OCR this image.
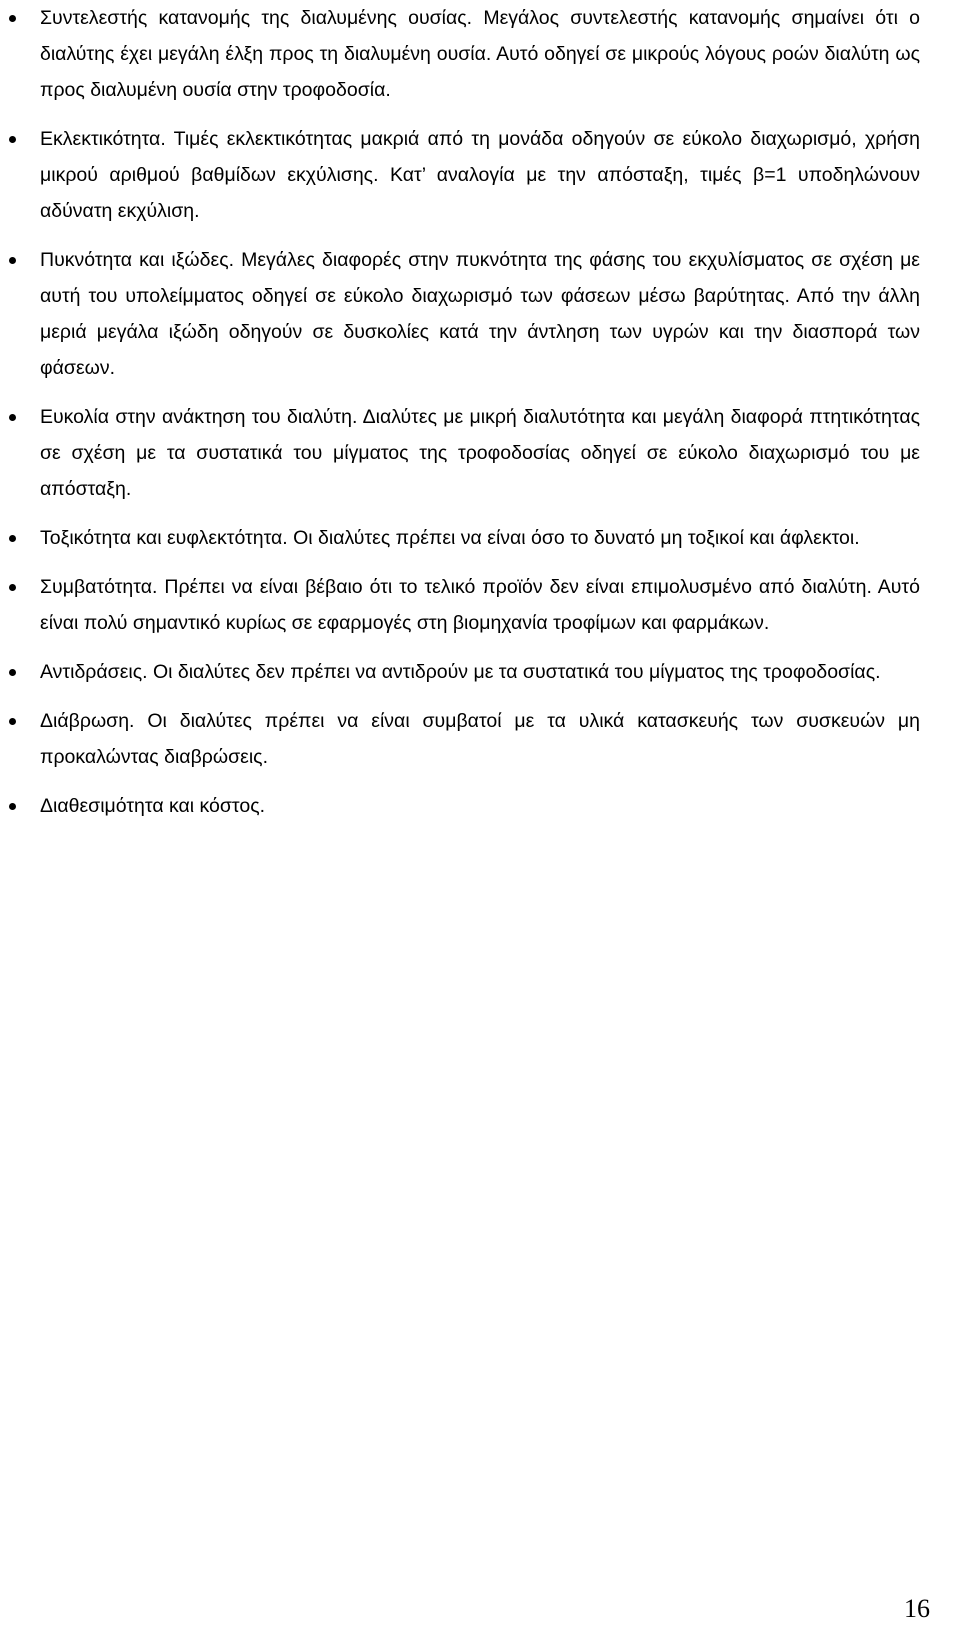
Συντελεστής κατανομής της διαλυμένης ουσίας. Μεγάλος συντελεστής κατανομής σημαίνει ότι ο διαλύτης έχει μεγάλη έλξη προς τη διαλυμένη ουσία. Αυτό οδηγεί σε μικρούς λόγους ροών διαλύτη ως προς διαλυμένη ουσία στην τροφοδοσία.
Εκλεκτικότητα. Τιμές εκλεκτικότητας μακριά από τη μονάδα οδηγούν σε εύκολο διαχωρισμό, χρήση μικρού αριθμού βαθμίδων εκχύλισης. Κατ’ αναλογία με την απόσταξη, τιμές β=1 υποδηλώνουν αδύνατη εκχύλιση.
Πυκνότητα και ιξώδες. Μεγάλες διαφορές στην πυκνότητα της φάσης του εκχυλίσματος σε σχέση με αυτή του υπολείμματος οδηγεί σε εύκολο διαχωρισμό των φάσεων μέσω βαρύτητας. Από την άλλη μεριά μεγάλα ιξώδη οδηγούν σε δυσκολίες κατά την άντληση των υγρών και την διασπορά των φάσεων.
Ευκολία στην ανάκτηση του διαλύτη. Διαλύτες με μικρή διαλυτότητα και μεγάλη διαφορά πτητικότητας σε σχέση με τα συστατικά του μίγματος της τροφοδοσίας οδηγεί σε εύκολο διαχωρισμό του με απόσταξη.
Τοξικότητα και ευφλεκτότητα. Οι διαλύτες πρέπει να είναι όσο το δυνατό μη τοξικοί και άφλεκτοι.
Συμβατότητα. Πρέπει να είναι βέβαιο ότι το τελικό προϊόν δεν είναι επιμολυσμένο από διαλύτη. Αυτό είναι πολύ σημαντικό κυρίως σε εφαρμογές στη βιομηχανία τροφίμων και φαρμάκων.
Αντιδράσεις. Οι διαλύτες δεν πρέπει να αντιδρούν με τα συστατικά του μίγματος της τροφοδοσίας.
Διάβρωση. Οι διαλύτες πρέπει να είναι συμβατοί με τα υλικά κατασκευής των συσκευών μη προκαλώντας διαβρώσεις.
Διαθεσιμότητα και κόστος.
16
